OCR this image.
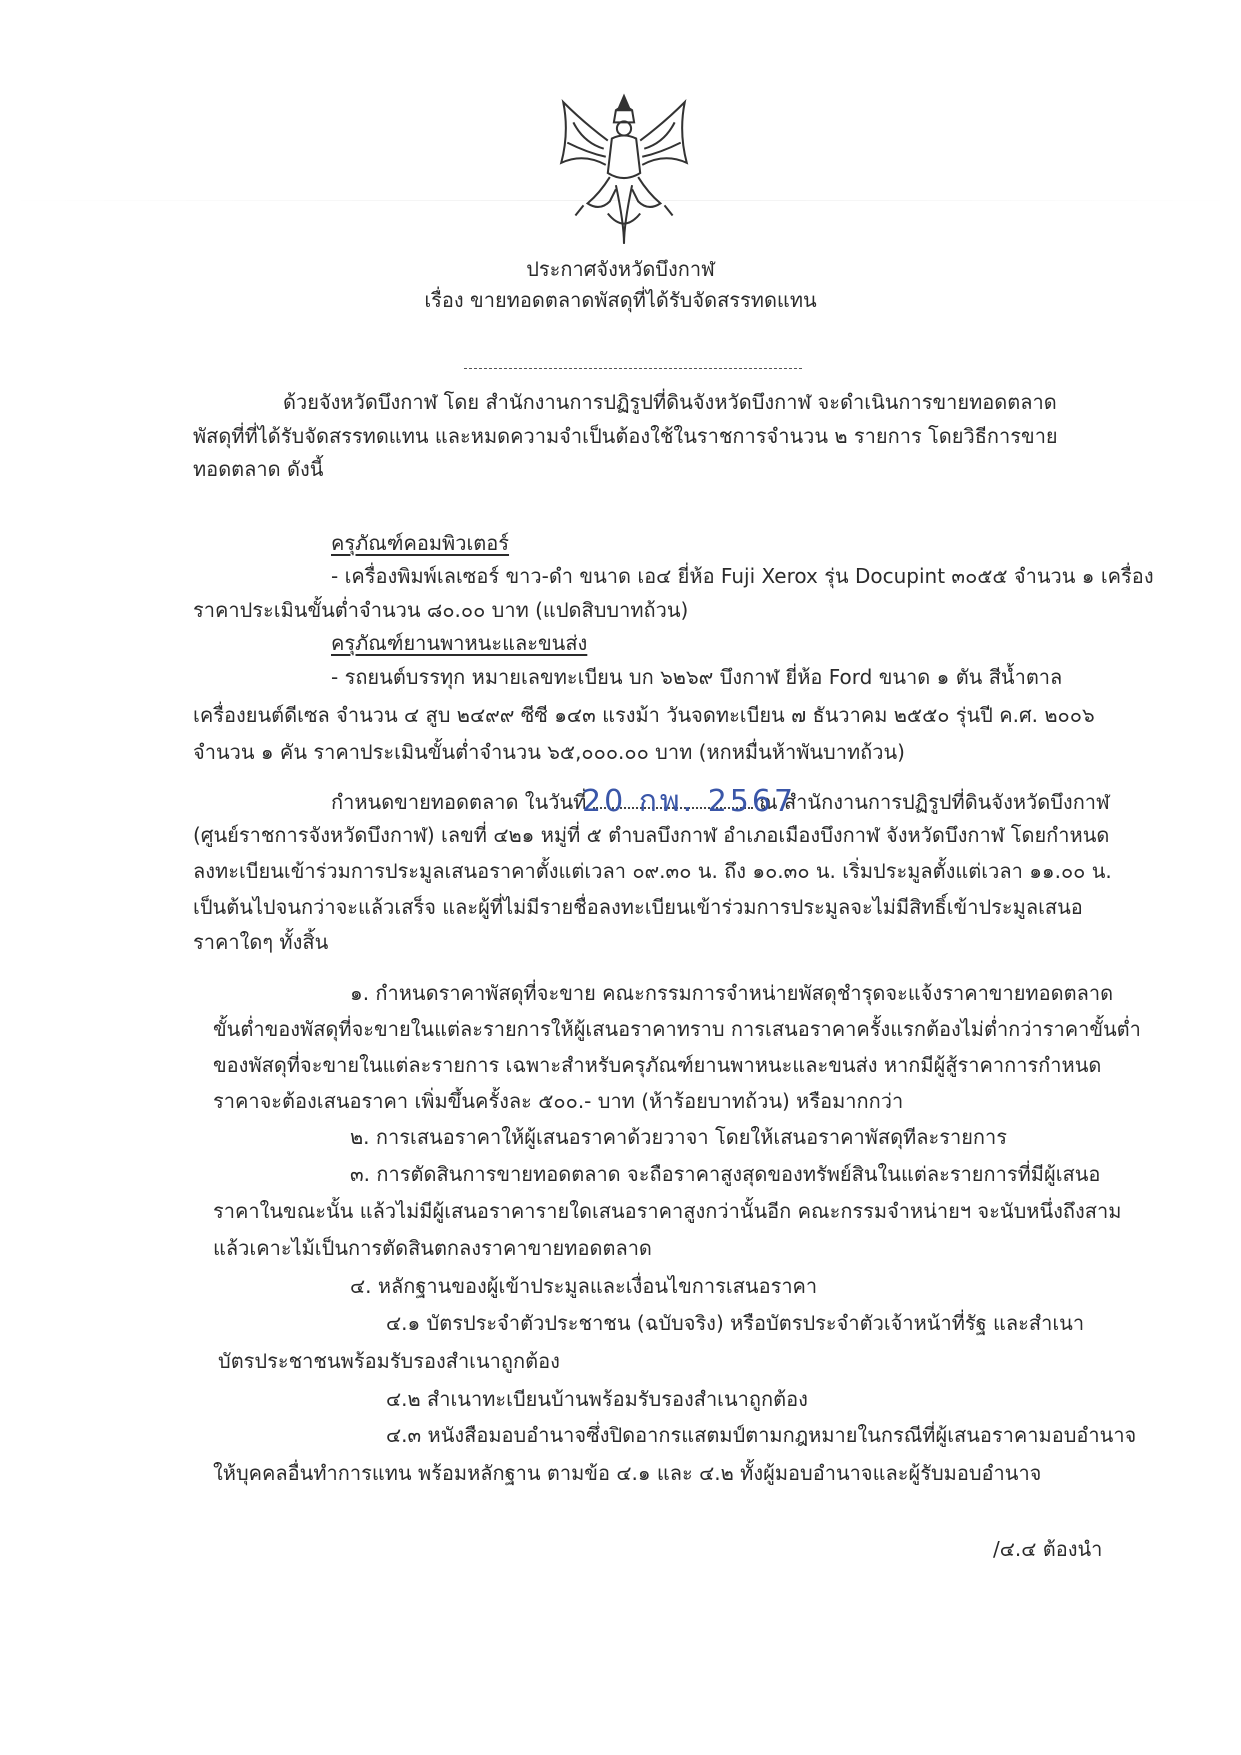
ประกาศจังหวัดบึงกาฬ
เรื่อง ขายทอดตลาดพัสดุที่ได้รับจัดสรรทดแทน
ด้วยจังหวัดบึงกาฬ โดย สำนักงานการปฏิรูปที่ดินจังหวัดบึงกาฬ จะดำเนินการขายทอดตลาด
พัสดุที่ที่ได้รับจัดสรรทดแทน และหมดความจำเป็นต้องใช้ในราชการจำนวน ๒ รายการ โดยวิธีการขาย
ทอดตลาด ดังนี้
ครุภัณฑ์คอมพิวเตอร์
- เครื่องพิมพ์เลเซอร์ ขาว-ดำ ขนาด เอ๔ ยี่ห้อ Fuji Xerox รุ่น Docupint ๓๐๕๕ จำนวน ๑ เครื่อง
ราคาประเมินขั้นต่ำจำนวน ๘๐.๐๐ บาท (แปดสิบบาทถ้วน)
ครุภัณฑ์ยานพาหนะและขนส่ง
- รถยนต์บรรทุก หมายเลขทะเบียน บก ๖๒๖๙ บึงกาฬ ยี่ห้อ Ford ขนาด ๑ ตัน สีน้ำตาล
เครื่องยนต์ดีเซล จำนวน ๔ สูบ ๒๔๙๙ ซีซี ๑๔๓ แรงม้า วันจดทะเบียน ๗ ธันวาคม ๒๕๕๐ รุ่นปี ค.ศ. ๒๐๐๖
จำนวน ๑ คัน ราคาประเมินขั้นต่ำจำนวน ๖๕,๐๐๐.๐๐ บาท (หกหมื่นห้าพันบาทถ้วน)
กำหนดขายทอดตลาด ในวันที่	ณ สำนักงานการปฏิรูปที่ดินจังหวัดบึงกาฬ
20 กพ. 2567
(ศูนย์ราชการจังหวัดบึงกาฬ) เลขที่ ๔๒๑ หมู่ที่ ๕ ตำบลบึงกาฬ อำเภอเมืองบึงกาฬ จังหวัดบึงกาฬ โดยกำหนด
ลงทะเบียนเข้าร่วมการประมูลเสนอราคาตั้งแต่เวลา ๐๙.๓๐ น. ถึง ๑๐.๓๐ น. เริ่มประมูลตั้งแต่เวลา ๑๑.๐๐ น.
เป็นต้นไปจนกว่าจะแล้วเสร็จ และผู้ที่ไม่มีรายชื่อลงทะเบียนเข้าร่วมการประมูลจะไม่มีสิทธิ์เข้าประมูลเสนอ
ราคาใดๆ ทั้งสิ้น
๑. กำหนดราคาพัสดุที่จะขาย คณะกรรมการจำหน่ายพัสดุชำรุดจะแจ้งราคาขายทอดตลาด
ขั้นต่ำของพัสดุที่จะขายในแต่ละรายการให้ผู้เสนอราคาทราบ การเสนอราคาครั้งแรกต้องไม่ต่ำกว่าราคาขั้นต่ำ
ของพัสดุที่จะขายในแต่ละรายการ เฉพาะสำหรับครุภัณฑ์ยานพาหนะและขนส่ง หากมีผู้สู้ราคาการกำหนด
ราคาจะต้องเสนอราคา เพิ่มขึ้นครั้งละ ๕๐๐.- บาท (ห้าร้อยบาทถ้วน) หรือมากกว่า
๒. การเสนอราคาให้ผู้เสนอราคาด้วยวาจา โดยให้เสนอราคาพัสดุทีละรายการ
๓. การตัดสินการขายทอดตลาด จะถือราคาสูงสุดของทรัพย์สินในแต่ละรายการที่มีผู้เสนอ
ราคาในขณะนั้น แล้วไม่มีผู้เสนอราคารายใดเสนอราคาสูงกว่านั้นอีก คณะกรรมจำหน่ายฯ จะนับหนึ่งถึงสาม
แล้วเคาะไม้เป็นการตัดสินตกลงราคาขายทอดตลาด
๔. หลักฐานของผู้เข้าประมูลและเงื่อนไขการเสนอราคา
๔.๑ บัตรประจำตัวประชาชน (ฉบับจริง) หรือบัตรประจำตัวเจ้าหน้าที่รัฐ และสำเนา
บัตรประชาชนพร้อมรับรองสำเนาถูกต้อง
๔.๒ สำเนาทะเบียนบ้านพร้อมรับรองสำเนาถูกต้อง
๔.๓ หนังสือมอบอำนาจซึ่งปิดอากรแสตมป์ตามกฎหมายในกรณีที่ผู้เสนอราคามอบอำนาจ
ให้บุคคลอื่นทำการแทน พร้อมหลักฐาน ตามข้อ ๔.๑ และ ๔.๒ ทั้งผู้มอบอำนาจและผู้รับมอบอำนาจ
/๔.๔ ต้องนำ
